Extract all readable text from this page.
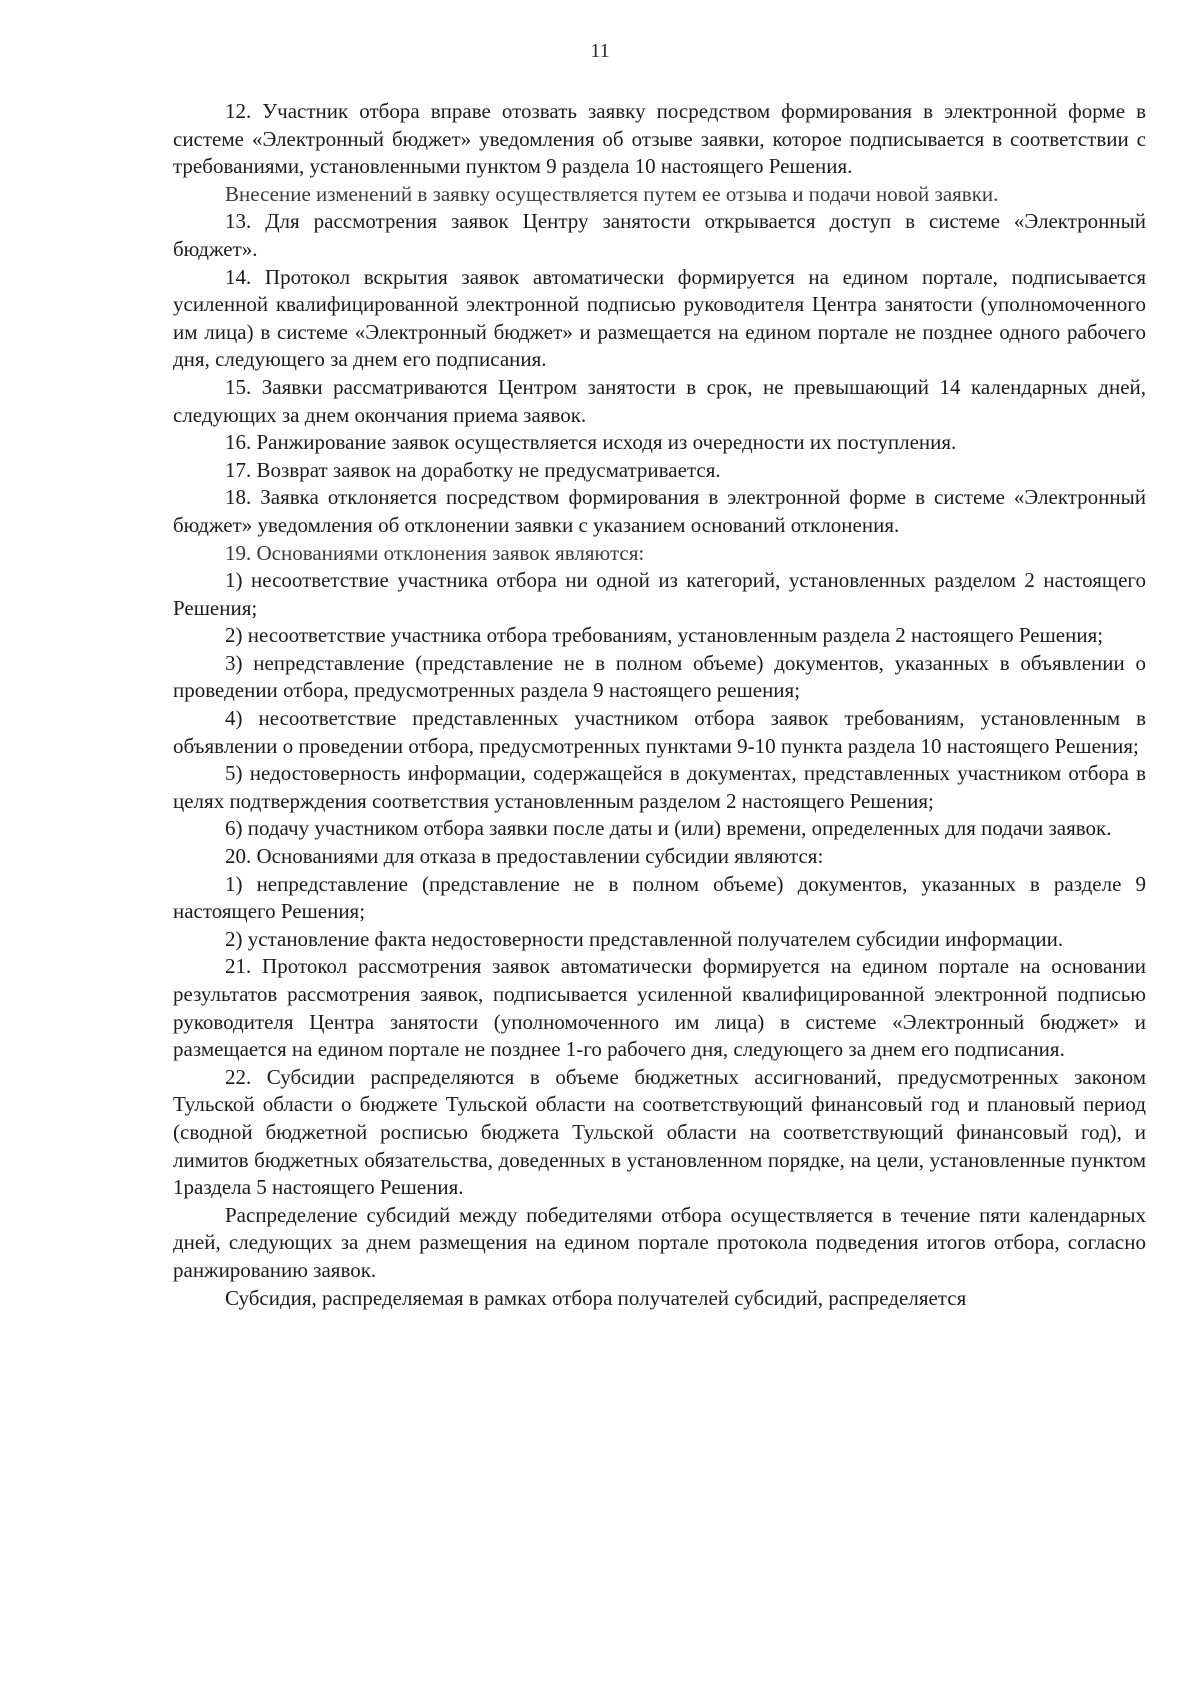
11

12. Участник отбора вправе отозвать заявку посредством формирования в электронной форме в системе «Электронный бюджет» уведомления об отзыве заявки, которое подписывается в соответствии с требованиями, установленными пунктом 9 раздела 10 настоящего Решения.

Внесение изменений в заявку осуществляется путем ее отзыва и подачи новой заявки.

13. Для рассмотрения заявок Центру занятости открывается доступ в системе «Электронный бюджет».

14. Протокол вскрытия заявок автоматически формируется на едином портале, подписывается усиленной квалифицированной электронной подписью руководителя Центра занятости (уполномоченного им лица) в системе «Электронный бюджет» и размещается на едином портале не позднее одного рабочего дня, следующего за днем его подписания.

15. Заявки рассматриваются Центром занятости в срок, не превышающий 14 календарных дней, следующих за днем окончания приема заявок.

16. Ранжирование заявок осуществляется исходя из очередности их поступления.

17. Возврат заявок на доработку не предусматривается.

18. Заявка отклоняется посредством формирования в электронной форме в системе «Электронный бюджет» уведомления об отклонении заявки с указанием оснований отклонения.

19. Основаниями отклонения заявок являются:

1) несоответствие участника отбора ни одной из категорий, установленных разделом 2 настоящего Решения;

2) несоответствие участника отбора требованиям, установленным раздела 2 настоящего Решения;

3) непредставление (представление не в полном объеме) документов, указанных в объявлении о проведении отбора, предусмотренных раздела 9 настоящего решения;

4) несоответствие представленных участником отбора заявок требованиям, установленным в объявлении о проведении отбора, предусмотренных пунктами 9-10 пункта раздела 10 настоящего Решения;

5) недостоверность информации, содержащейся в документах, представленных участником отбора в целях подтверждения соответствия установленным разделом 2 настоящего Решения;

6) подачу участником отбора заявки после даты и (или) времени, определенных для подачи заявок.

20. Основаниями для отказа в предоставлении субсидии являются:

1) непредставление (представление не в полном объеме) документов, указанных в разделе 9 настоящего Решения;

2) установление факта недостоверности представленной получателем субсидии информации.

21. Протокол рассмотрения заявок автоматически формируется на едином портале на основании результатов рассмотрения заявок, подписывается усиленной квалифицированной электронной подписью руководителя Центра занятости (уполномоченного им лица) в системе «Электронный бюджет» и размещается на едином портале не позднее 1-го рабочего дня, следующего за днем его подписания.

22. Субсидии распределяются в объеме бюджетных ассигнований, предусмотренных законом Тульской области о бюджете Тульской области на соответствующий финансовый год и плановый период (сводной бюджетной росписью бюджета Тульской области на соответствующий финансовый год), и лимитов бюджетных обязательства, доведенных в установленном порядке, на цели, установленные пунктом 1раздела 5 настоящего Решения.

Распределение субсидий между победителями отбора осуществляется в течение пяти календарных дней, следующих за днем размещения на едином портале протокола подведения итогов отбора, согласно ранжированию заявок.

Субсидия, распределяемая в рамках отбора получателей субсидий, распределяется
